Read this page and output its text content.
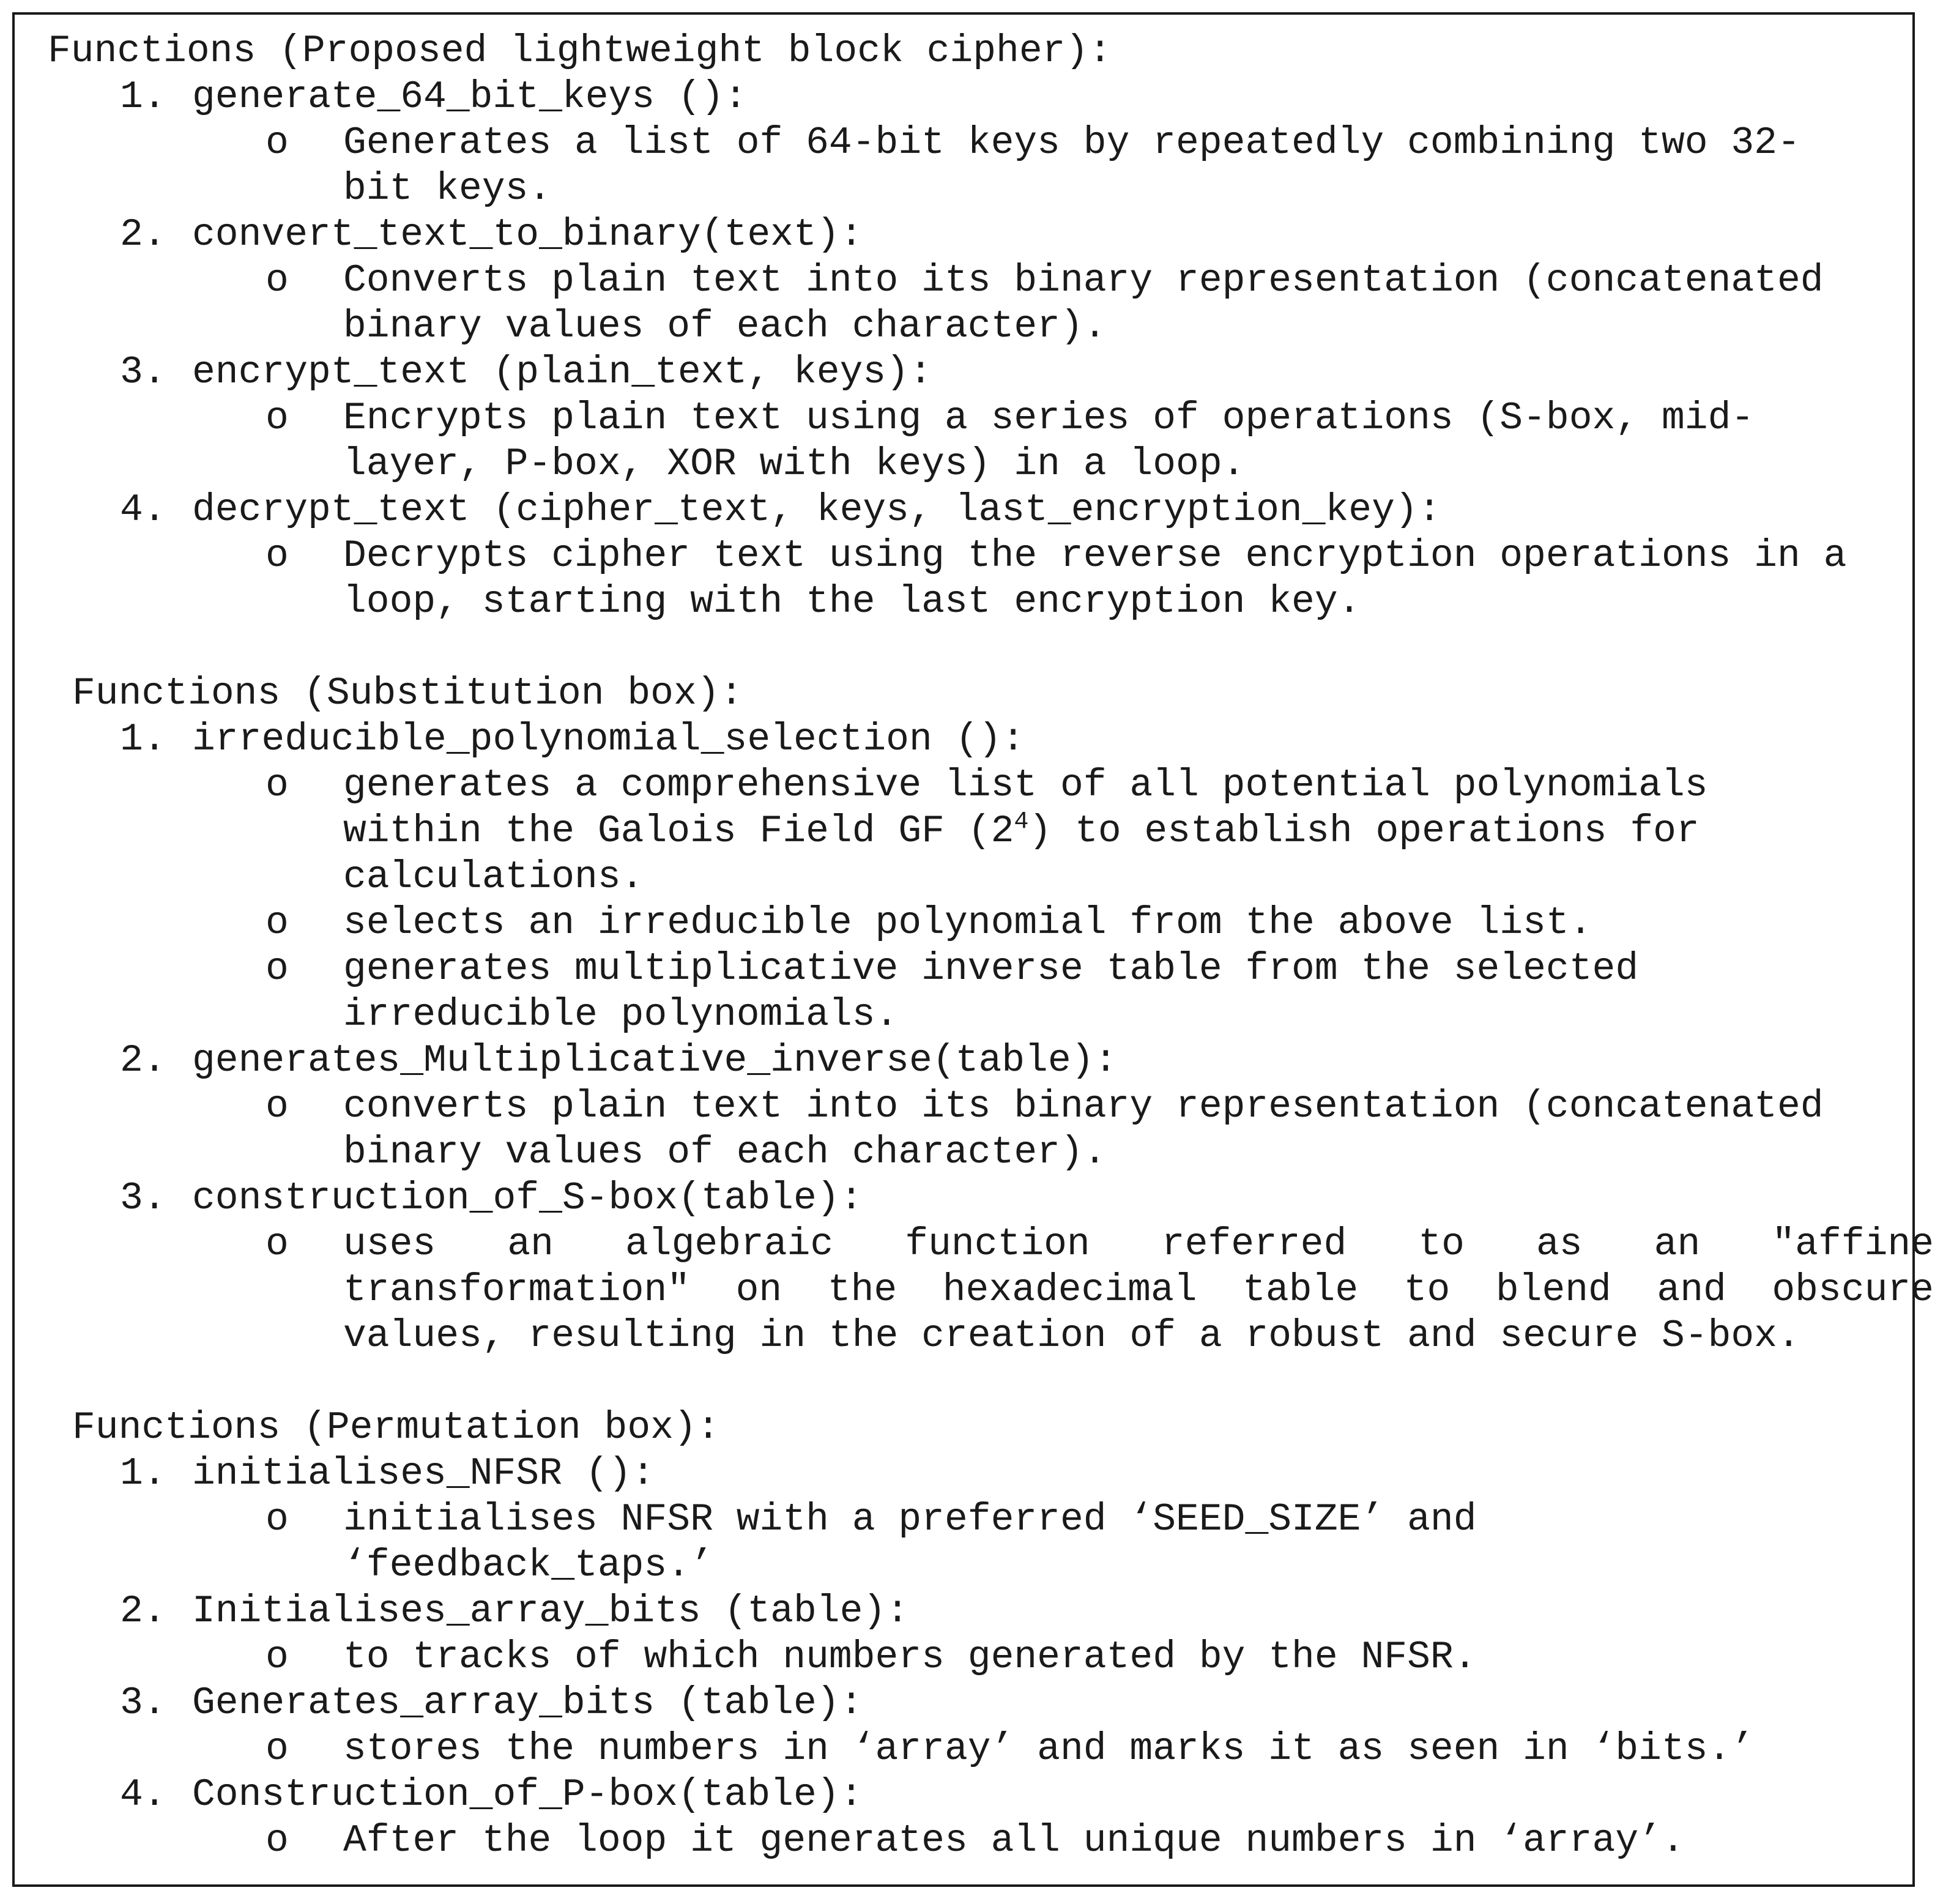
Functions (Proposed lightweight block cipher):
1. generate_64_bit_keys ():
o Generates a list of 64-bit keys by repeatedly combining two 32-
bit keys.
2. convert_text_to_binary(text):
o Converts plain text into its binary representation (concatenated
binary values of each character).
3. encrypt_text (plain_text, keys):
o Encrypts plain text using a series of operations (S-box, mid-
layer, P-box, XOR with keys) in a loop.
4. decrypt_text (cipher_text, keys, last_encryption_key):
o Decrypts cipher text using the reverse encryption operations in a
loop, starting with the last encryption key.
Functions (Substitution box):
1. irreducible_polynomial_selection ():
o generates a comprehensive list of all potential polynomials
within the Galois Field GF $(2^4)$ to establish operations for
calculations.
o selects an irreducible polynomial from the above list.
o generates multiplicative inverse table from the selected
irreducible polynomials.
2. generates_Multiplicative_inverse(table):
o converts plain text into its binary representation (concatenated
binary values of each character).
3. construction_of_S-box(table):
o uses an algebraic function referred to as an "affine
transformation" on the hexadecimal table to blend and obscure
values, resulting in the creation of a robust and secure S-box.
Functions (Permutation box):
1. initialises_NFSR ():
o initialises NFSR with a preferred ‘SEED_SIZE’ and
‘feedback_taps.’
2. Initialises_array_bits (table):
o to tracks of which numbers generated by the NFSR.
3. Generates_array_bits (table):
o stores the numbers in ‘array’ and marks it as seen in ‘bits.’
4. Construction_of_P-box(table):
o After the loop it generates all unique numbers in ‘array’.
